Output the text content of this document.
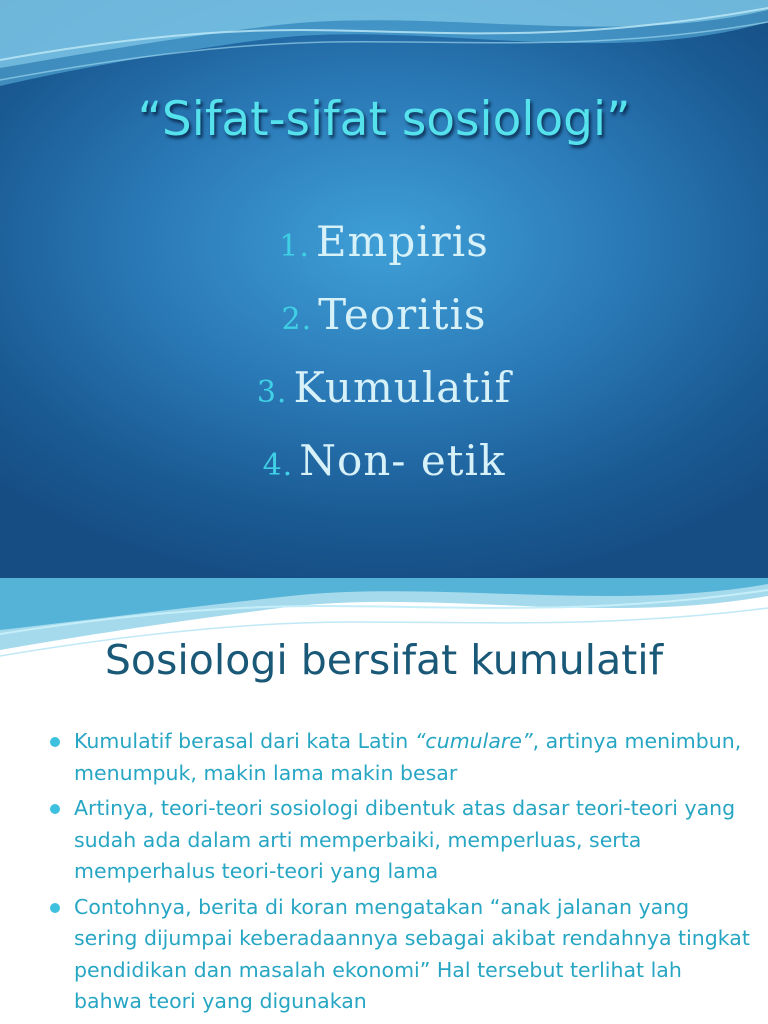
“Sifat-sifat sosiologi”
1. Empiris
2. Teoritis
3. Kumulatif
4. Non- etik
Sosiologi bersifat kumulatif
Kumulatif berasal dari kata Latin “cumulare”, artinya menimbun, menumpuk, makin lama makin besar
Artinya, teori-teori sosiologi dibentuk atas dasar teori-teori yang sudah ada dalam arti memperbaiki, memperluas, serta memperhalus teori-teori yang lama
Contohnya, berita di koran mengatakan “anak jalanan yang sering dijumpai keberadaannya sebagai akibat rendahnya tingkat pendidikan dan masalah ekonomi” Hal tersebut terlihat lah bahwa teori yang digunakan
